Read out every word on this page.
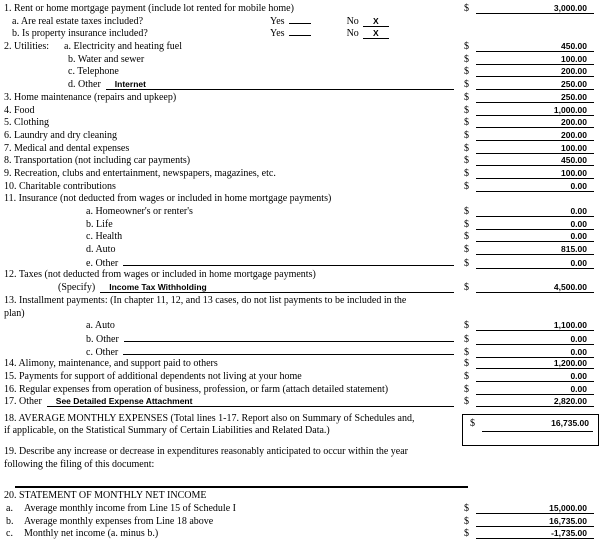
1. Rent or home mortgage payment (include lot rented for mobile home)	$	3,000.00
a. Are real estate taxes included?	Yes	No	X
b. Is property insurance included?	Yes	No	X
2. Utilities:	a. Electricity and heating fuel	$	450.00
b. Water and sewer	$	100.00
c. Telephone	$	200.00
d. Other	Internet	$	250.00
3. Home maintenance (repairs and upkeep)	$	250.00
4. Food	$	1,000.00
5. Clothing	$	200.00
6. Laundry and dry cleaning	$	200.00
7. Medical and dental expenses	$	100.00
8. Transportation (not including car payments)	$	450.00
9. Recreation, clubs and entertainment, newspapers, magazines, etc.	$	100.00
10. Charitable contributions	$	0.00
11. Insurance (not deducted from wages or included in home mortgage payments)
a. Homeowner's or renter's	$	0.00
b. Life	$	0.00
c. Health	$	0.00
d. Auto	$	815.00
e. Other	$	0.00
12. Taxes (not deducted from wages or included in home mortgage payments)
(Specify)	Income Tax Withholding	$	4,500.00
13. Installment payments: (In chapter 11, 12, and 13 cases, do not list payments to be included in the
plan)
a. Auto	$	1,100.00
b. Other	$	0.00
c. Other	$	0.00
14. Alimony, maintenance, and support paid to others	$	1,200.00
15. Payments for support of additional dependents not living at your home	$	0.00
16. Regular expenses from operation of business, profession, or farm (attach detailed statement)	$	0.00
17. Other	See Detailed Expense Attachment	$	2,820.00
18. AVERAGE MONTHLY EXPENSES (Total lines 1-17. Report also on Summary of Schedules and,
if applicable, on the Statistical Summary of Certain Liabilities and Related Data.)
$	16,735.00
19. Describe any increase or decrease in expenditures reasonably anticipated to occur within the year
following the filing of this document:
20. STATEMENT OF MONTHLY NET INCOME
a.	Average monthly income from Line 15 of Schedule I	$	15,000.00
b.	Average monthly expenses from Line 18 above	$	16,735.00
c.	Monthly net income (a. minus b.)	$	-1,735.00
